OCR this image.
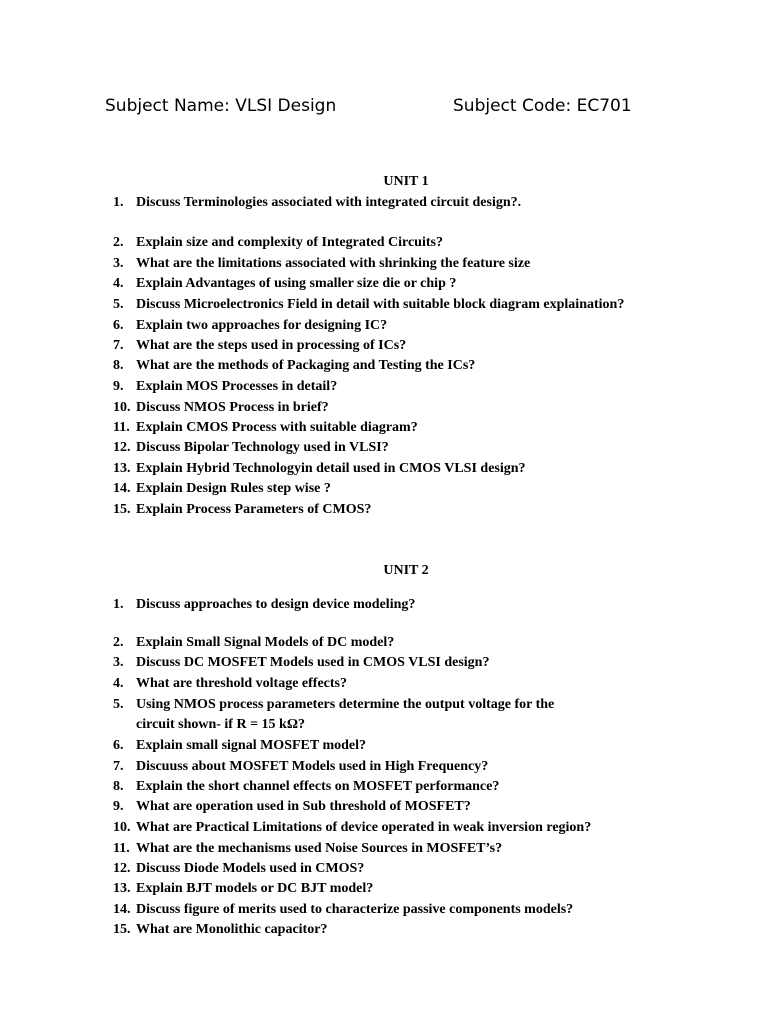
Subject Name: VLSI Design	Subject Code: EC701
UNIT 1
1. Discuss Terminologies associated with integrated circuit design?.
2. Explain size and complexity of Integrated Circuits?
3. What are the limitations associated with shrinking the feature size
4. Explain Advantages of using smaller size die or chip ?
5. Discuss Microelectronics Field in detail with suitable block diagram explaination?
6. Explain two approaches for designing IC?
7. What are the steps used in processing of ICs?
8. What are the methods of Packaging and Testing the ICs?
9. Explain MOS Processes in detail?
10. Discuss NMOS Process in brief?
11. Explain CMOS Process with suitable diagram?
12. Discuss Bipolar Technology used in VLSI?
13. Explain Hybrid Technologyin detail used in CMOS VLSI design?
14. Explain Design Rules step wise ?
15. Explain Process Parameters of CMOS?
UNIT 2
1. Discuss approaches to design device modeling?
2. Explain Small Signal Models of DC model?
3. Discuss DC MOSFET Models used in CMOS VLSI design?
4. What are threshold voltage effects?
5. Using NMOS process parameters determine the output voltage for the
circuit shown- if R = 15 kΩ?
6. Explain small signal MOSFET model?
7. Discuuss about MOSFET Models used in High Frequency?
8. Explain the short channel effects on MOSFET performance?
9. What are operation used in Sub threshold of MOSFET?
10. What are Practical Limitations of device operated in weak inversion region?
11. What are the mechanisms used Noise Sources in MOSFET’s?
12. Discuss Diode Models used in CMOS?
13. Explain BJT models or DC BJT model?
14. Discuss figure of merits used to characterize passive components models?
15. What are Monolithic capacitor?
